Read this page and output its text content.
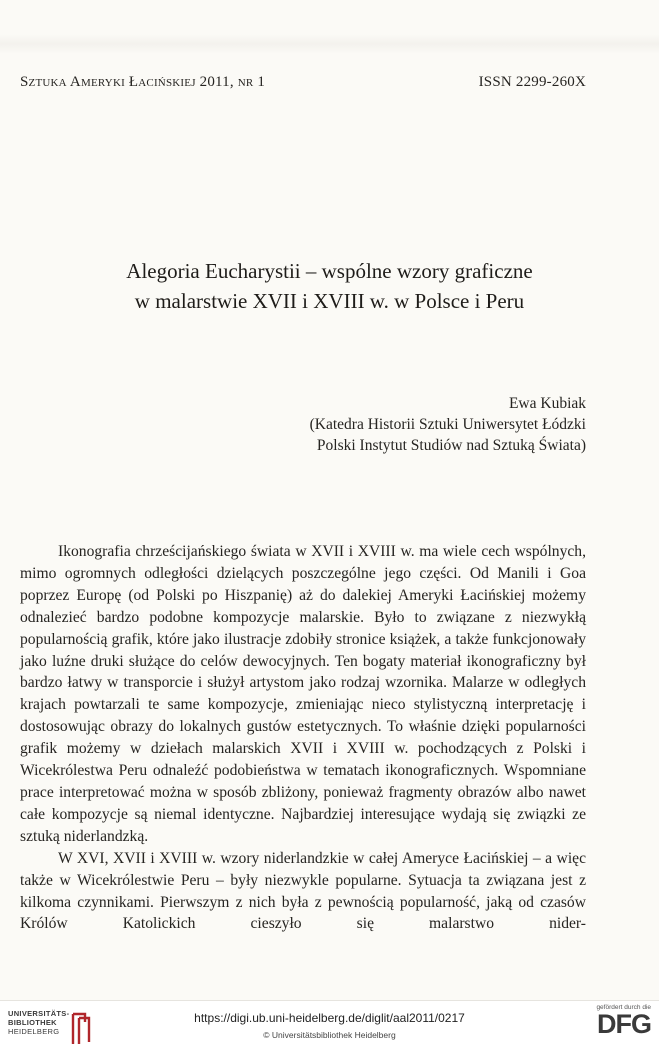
Sztuka Ameryki Łacińskiej 2011, nr 1	ISSN 2299-260X
Alegoria Eucharystii – wspólne wzory graficzne
w malarstwie XVII i XVIII w. w Polsce i Peru
Ewa Kubiak
(Katedra Historii Sztuki Uniwersytet Łódzki
Polski Instytut Studiów nad Sztuką Świata)

Ikonografia chrześcijańskiego świata w XVII i XVIII w. ma wiele cech wspólnych, mimo ogromnych odległości dzielących poszczególne jego części. Od Manili i Goa poprzez Europę (od Polski po Hiszpanię) aż do dalekiej Ameryki Łacińskiej możemy odnalezieć bardzo podobne kompozycje malarskie. Było to związane z niezwykłą popularnością grafik, które jako ilustracje zdobiły stronice książek, a także funkcjonowały jako luźne druki służące do celów dewocyjnych. Ten bogaty materiał ikonograficzny był bardzo łatwy w transporcie i służył artystom jako rodzaj wzornika. Malarze w odległych krajach powtarzali te same kompozycje, zmieniając nieco stylistyczną interpretację i dostosowując obrazy do lokalnych gustów estetycznych. To właśnie dzięki popularności grafik możemy w dziełach malarskich XVII i XVIII w. pochodzących z Polski i Wicekrólestwa Peru odnaleźć podobieństwa w tematach ikonograficznych. Wspomniane prace interpretować można w sposób zbliżony, ponieważ fragmenty obrazów albo nawet całe kompozycje są niemal identyczne. Najbardziej interesujące wydają się związki ze sztuką niderlandzką.

W XVI, XVII i XVIII w. wzory niderlandzkie w całej Ameryce Łacińskiej – a więc także w Wicekrólestwie Peru – były niezwykle popularne. Sytuacja ta związana jest z kilkoma czynnikami. Pierwszym z nich była z pewnością popularność, jaką od czasów Królów Katolickich cieszyło się malarstwo nider-

UNIVERSITÄTS-
BIBLIOTHEK
HEIDELBERG
https://digi.ub.uni-heidelberg.de/diglit/aal2011/0217
© Universitätsbibliothek Heidelberg
gefördert durch die
DFG
